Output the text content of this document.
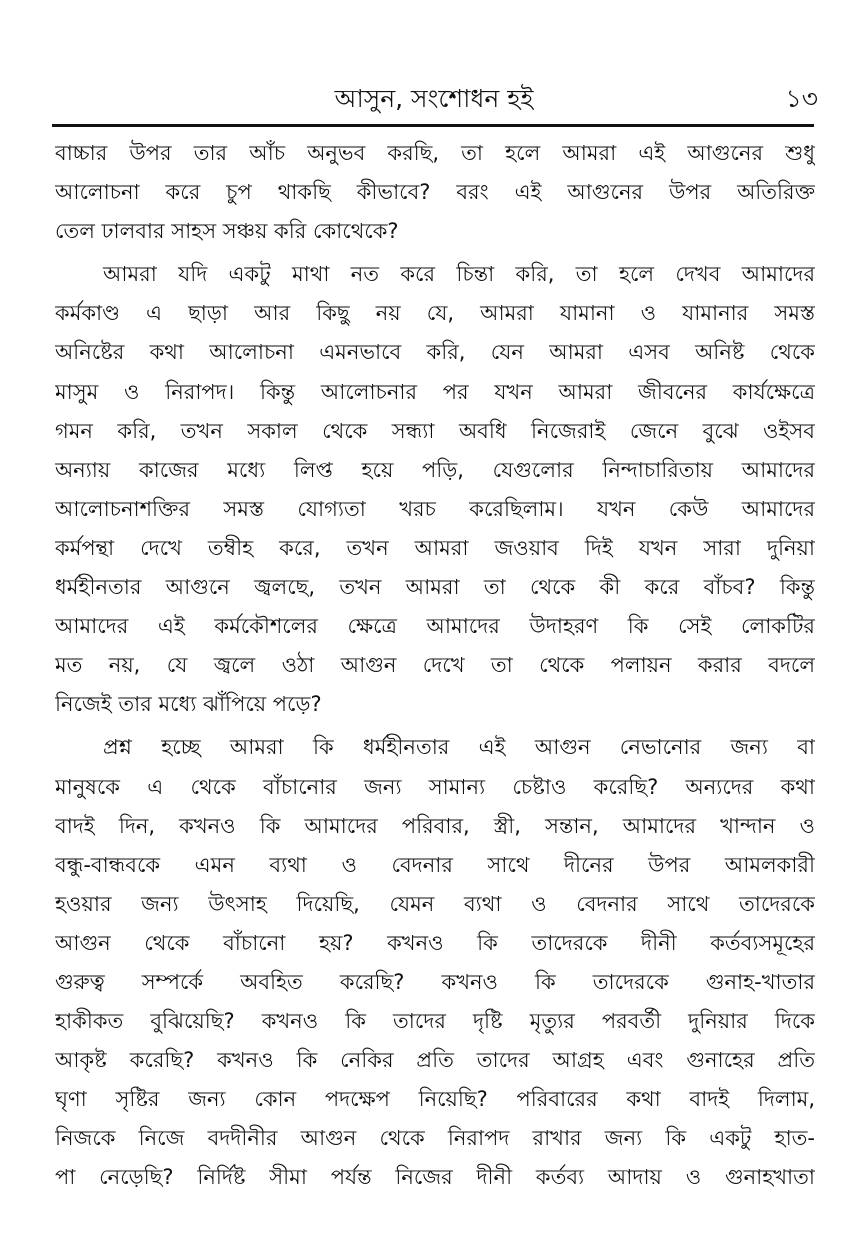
আসুন, সংশোধন হই	১৩
বাচ্চার উপর তার আঁচ অনুভব করছি, তা হলে আমরা এই আগুনের শুধু
আলোচনা করে চুপ থাকছি কীভাবে? বরং এই আগুনের উপর অতিরিক্ত
তেল ঢালবার সাহস সঞ্চয় করি কোথেকে?
আমরা যদি একটু মাথা নত করে চিন্তা করি, তা হলে দেখব আমাদের
কর্মকাণ্ড এ ছাড়া আর কিছু নয় যে, আমরা যামানা ও যামানার সমস্ত
অনিষ্টের কথা আলোচনা এমনভাবে করি, যেন আমরা এসব অনিষ্ট থেকে
মাসুম ও নিরাপদ। কিন্তু আলোচনার পর যখন আমরা জীবনের কার্যক্ষেত্রে
গমন করি, তখন সকাল থেকে সন্ধ্যা অবধি নিজেরাই জেনে বুঝে ওইসব
অন্যায় কাজের মধ্যে লিপ্ত হয়ে পড়ি, যেগুলোর নিন্দাচারিতায় আমাদের
আলোচনাশক্তির সমস্ত যোগ্যতা খরচ করেছিলাম। যখন কেউ আমাদের
কর্মপন্থা দেখে তম্বীহ করে, তখন আমরা জওয়াব দিই যখন সারা দুনিয়া
ধর্মহীনতার আগুনে জ্বলছে, তখন আমরা তা থেকে কী করে বাঁচব? কিন্তু
আমাদের এই কর্মকৌশলের ক্ষেত্রে আমাদের উদাহরণ কি সেই লোকটির
মত নয়, যে জ্বলে ওঠা আগুন দেখে তা থেকে পলায়ন করার বদলে
নিজেই তার মধ্যে ঝাঁপিয়ে পড়ে?
প্রশ্ন হচ্ছে আমরা কি ধর্মহীনতার এই আগুন নেভানোর জন্য বা
মানুষকে এ থেকে বাঁচানোর জন্য সামান্য চেষ্টাও করেছি? অন্যদের কথা
বাদই দিন, কখনও কি আমাদের পরিবার, স্ত্রী, সন্তান, আমাদের খান্দান ও
বন্ধু-বান্ধবকে এমন ব্যথা ও বেদনার সাথে দীনের উপর আমলকারী
হওয়ার জন্য উৎসাহ দিয়েছি, যেমন ব্যথা ও বেদনার সাথে তাদেরকে
আগুন থেকে বাঁচানো হয়? কখনও কি তাদেরকে দীনী কর্তব্যসমূহের
গুরুত্ব সম্পর্কে অবহিত করেছি? কখনও কি তাদেরকে গুনাহ-খাতার
হাকীকত বুঝিয়েছি? কখনও কি তাদের দৃষ্টি মৃত্যুর পরবর্তী দুনিয়ার দিকে
আকৃষ্ট করেছি? কখনও কি নেকির প্রতি তাদের আগ্রহ এবং গুনাহের প্রতি
ঘৃণা সৃষ্টির জন্য কোন পদক্ষেপ নিয়েছি? পরিবারের কথা বাদই দিলাম,
নিজকে নিজে বদদীনীর আগুন থেকে নিরাপদ রাখার জন্য কি একটু হাত-
পা নেড়েছি? নির্দিষ্ট সীমা পর্যন্ত নিজের দীনী কর্তব্য আদায় ও গুনাহখাতা
